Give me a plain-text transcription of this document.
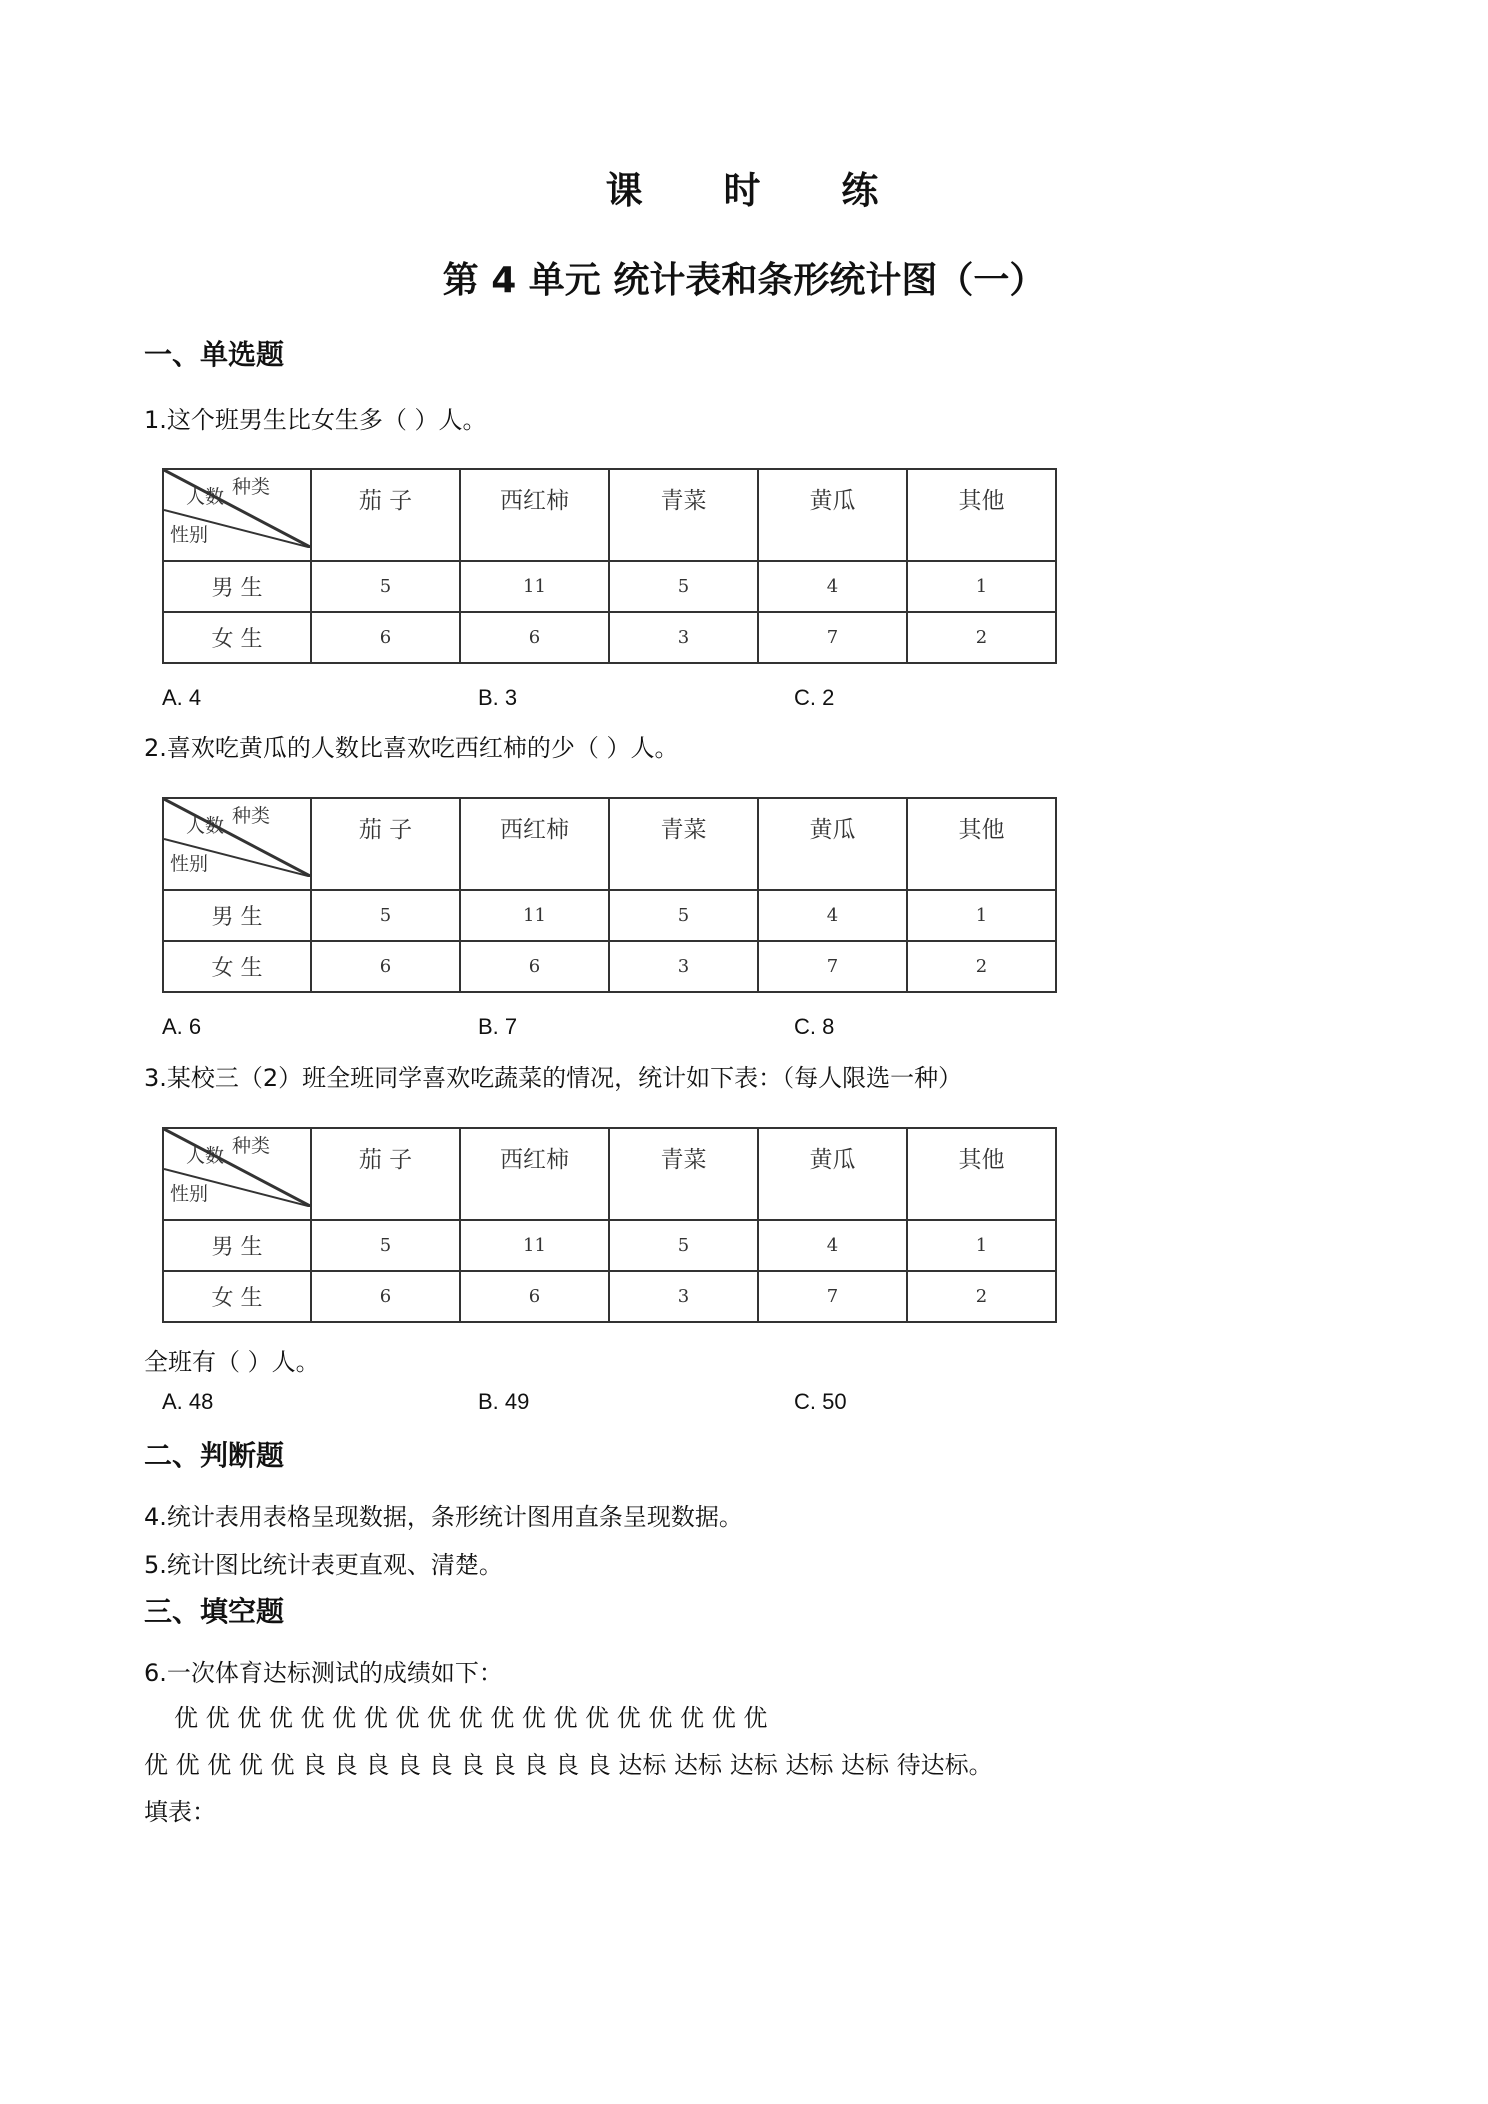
课 时 练
第 4 单元 统计表和条形统计图（一）
一、单选题
1.这个班男生比女生多（ ）人。
种类
人数
性别	茄 子	西红柿	青菜	黄瓜	其他
男 生	5	11	5	4	1
女 生	6	6	3	7	2
A. 4	B. 3	C. 2
2.喜欢吃黄瓜的人数比喜欢吃西红柿的少（ ）人。
种类
人数
性别	茄 子	西红柿	青菜	黄瓜	其他
男 生	5	11	5	4	1
女 生	6	6	3	7	2
A. 6	B. 7	C. 8
3.某校三（2）班全班同学喜欢吃蔬菜的情况，统计如下表：（每人限选一种）
种类
人数
性别	茄 子	西红柿	青菜	黄瓜	其他
男 生	5	11	5	4	1
女 生	6	6	3	7	2
全班有（ ）人。
A. 48	B. 49	C. 50
二、判断题
4.统计表用表格呈现数据，条形统计图用直条呈现数据。
5.统计图比统计表更直观、清楚。
三、填空题
6.一次体育达标测试的成绩如下：
优 优 优 优 优 优 优 优 优 优 优 优 优 优 优 优 优 优 优
优 优 优 优 优 良 良 良 良 良 良 良 良 良 良 达标 达标 达标 达标 达标 待达标。
填表：
